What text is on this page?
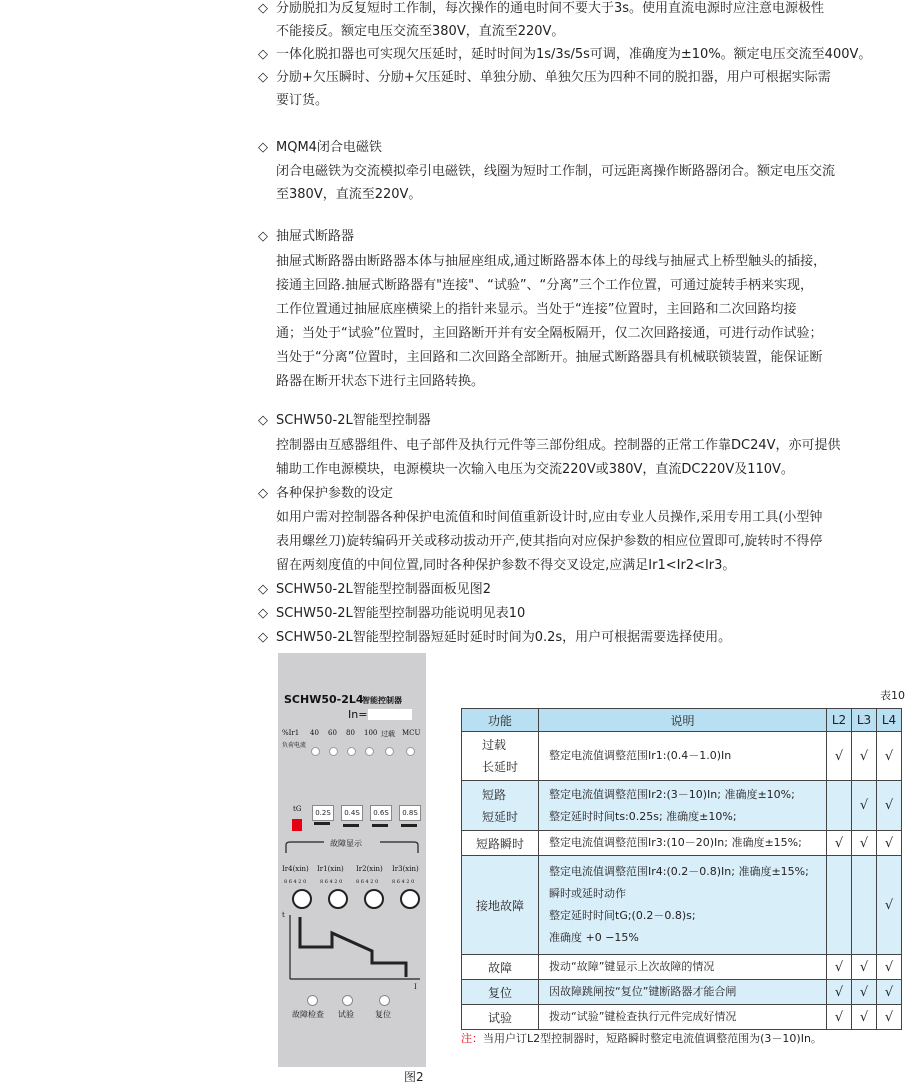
◇ 分励脱扣为反复短时工作制，每次操作的通电时间不要大于3s。使用直流电源时应注意电源极性
不能接反。额定电压交流至380V，直流至220V。
◇ 一体化脱扣器也可实现欠压延时，延时时间为1s/3s/5s可调，准确度为±10%。额定电压交流至400V。
◇ 分励+欠压瞬时、分励+欠压延时、单独分励、单独欠压为四种不同的脱扣器，用户可根据实际需
要订货。
◇ MQM4闭合电磁铁
闭合电磁铁为交流模拟牵引电磁铁，线圈为短时工作制，可远距离操作断路器闭合。额定电压交流
至380V，直流至220V。
◇ 抽屉式断路器
抽屉式断路器由断路器本体与抽屉座组成,通过断路器本体上的母线与抽屉式上桥型触头的插接，
接通主回路.抽屉式断路器有"连接"、“试验”、“分离”三个工作位置，可通过旋转手柄来实现，
工作位置通过抽屉底座横梁上的指针来显示。当处于“连接”位置时，主回路和二次回路均接
通；当处于“试验”位置时，主回路断开并有安全隔板隔开，仅二次回路接通，可进行动作试验；
当处于“分离”位置时，主回路和二次回路全部断开。抽屉式断路器具有机械联锁装置，能保证断
路器在断开状态下进行主回路转换。
◇ SCHW50-2L智能型控制器
控制器由互感器组件、电子部件及执行元件等三部份组成。控制器的正常工作靠DC24V，亦可提供
辅助工作电源模块，电源模块一次输入电压为交流220V或380V，直流DC220V及110V。
◇ 各种保护参数的设定
如用户需对控制器各种保护电流值和时间值重新设计时,应由专业人员操作,采用专用工具(小型钟
表用螺丝刀)旋转编码开关或移动拔动开产,使其指向对应保护参数的相应位置即可,旋转时不得停
留在两刻度值的中间位置,同时各种保护参数不得交叉设定,应满足Ir1<Ir2<Ir3。
◇ SCHW50-2L智能型控制器面板见图2
◇ SCHW50-2L智能型控制器功能说明见表10
◇ SCHW50-2L智能型控制器短延时延时时间为0.2s，用户可根据需要选择使用。
SCHW50-2L4
智能控制器
In=
%Ir1
负荷电流
40 60 80 100 过载 MCU
tG	0.2S	0.4S	0.6S	0.8S
故障显示
Ir4(xin) Ir1(xin) Ir2(xin) Ir3(xin)
8 6 4 2 0	8 6 4 2 0	8 6 4 2 0	8 6 4 2 0
t
I
故障检查 试验	复位
图2
表10
功能	说明	L2	L3	L4
过载
长延时	整定电流值调整范围Ir1:(0.4－1.0)In	√	√	√
短路
短延时	整定电流值调整范围Ir2:(3－10)In; 准确度±10%;
整定延时时间ts:0.25s; 准确度±10%;		√	√
短路瞬时	整定电流值调整范围Ir3:(10－20)In; 准确度±15%;	√	√	√
接地故障	整定电流值调整范围Ir4:(0.2－0.8)In; 准确度±15%;
瞬时或延时动作
整定延时时间tG;(0.2－0.8)s;
准确度 +0 −15%			√
故障	拨动“故障”键显示上次故障的情况	√	√	√
复位	因故障跳闸按“复位”键断路器才能合闸	√	√	√
试验	拨动“试验”键检查执行元件完成好情况	√	√	√
注：当用户订L2型控制器时，短路瞬时整定电流值调整范围为(3－10)In。
